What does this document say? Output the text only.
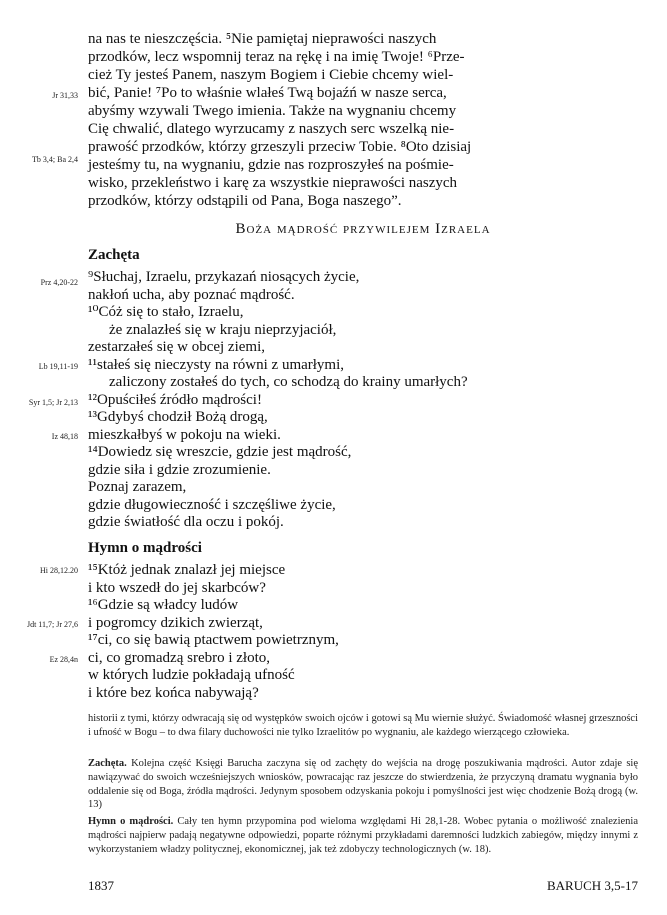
Jr 31,33
Tb 3,4; Ba 2,4
na nas te nieszczęścia. ⁵Nie pamiętaj nieprawości naszych
przodków, lecz wspomnij teraz na rękę i na imię Twoje! ⁶Prze-
cież Ty jesteś Panem, naszym Bogiem i Ciebie chcemy wiel-
bić, Panie! ⁷Po to właśnie wlałeś Twą bojaźń w nasze serca,
abyśmy wzywali Twego imienia. Także na wygnaniu chcemy
Cię chwalić, dlatego wyrzucamy z naszych serc wszelką nie-
prawość przodków, którzy grzeszyli przeciw Tobie. ⁸Oto dzisiaj
jesteśmy tu, na wygnaniu, gdzie nas rozproszyłeś na pośmie-
wisko, przekleństwo i karę za wszystkie nieprawości naszych
Boża mądrość przywilejem Izraela
Zachęta
Prz 4,20-22
Lb 19,11-19
Syr 1,5; Jr 2,13
Iz 48,18
⁹Słuchaj, Izraelu, przykazań niosących życie,
nakłoń ucha, aby poznać mądrość.
¹⁰Cóż się to stało, Izraelu,
że znalazłeś się w kraju nieprzyjaciół,
zestarzałeś się w obcej ziemi,
¹¹stałeś się nieczysty na równi z umarłymi,
zaliczony zostałeś do tych, co schodzą do krainy umarłych?
¹²Opuściłeś źródło mądrości!
¹³Gdybyś chodził Bożą drogą,
mieszkałbyś w pokoju na wieki.
¹⁴Dowiedz się wreszcie, gdzie jest mądrość,
gdzie siła i gdzie zrozumienie.
Poznaj zarazem,
gdzie długowieczność i szczęśliwe życie,
gdzie światłość dla oczu i pokój.
Hymn o mądrości
Hi 28,12.20
Jdt 11,7; Jr 27,6
Ez 28,4n
¹⁵Któż jednak znalazł jej miejsce
i kto wszedł do jej skarbców?
¹⁶Gdzie są władcy ludów
i pogromcy dzikich zwierząt,
¹⁷ci, co się bawią ptactwem powietrznym,
ci, co gromadzą srebro i złoto,
w których ludzie pokładają ufność
i które bez końca nabywają?
historii z tymi, którzy odwracają się od występków swoich ojców i gotowi są Mu wiernie służyć. Świadomość własnej grzeszności i ufność w Bogu – to dwa filary duchowości nie tylko Izraelitów po wygnaniu, ale każdego wierzącego człowieka.
Zachęta. Kolejna część Księgi Barucha zaczyna się od zachęty do wejścia na drogę poszukiwania mądrości. Autor zdaje się nawiązywać do swoich wcześniejszych wniosków, powracając raz jeszcze do stwierdzenia, że przyczyną dramatu wygnania było oddalenie się od Boga, źródła mądrości. Jedynym sposobem odzyskania pokoju i pomyślności jest więc chodzenie Bożą drogą (w. 13)
Hymn o mądrości. Cały ten hymn przypomina pod wieloma względami Hi 28,1-28. Wobec pytania o możliwość znalezienia mądrości najpierw padają negatywne odpowiedzi, poparte różnymi przykładami daremności ludzkich zabiegów, między innymi z wykorzystaniem władzy politycznej, ekonomicznej, jak też zdobyczy technologicznych (w. 18).
1837	BARUCH 3,5-17
przodków, którzy odstąpili od Pana, Boga naszego”.
